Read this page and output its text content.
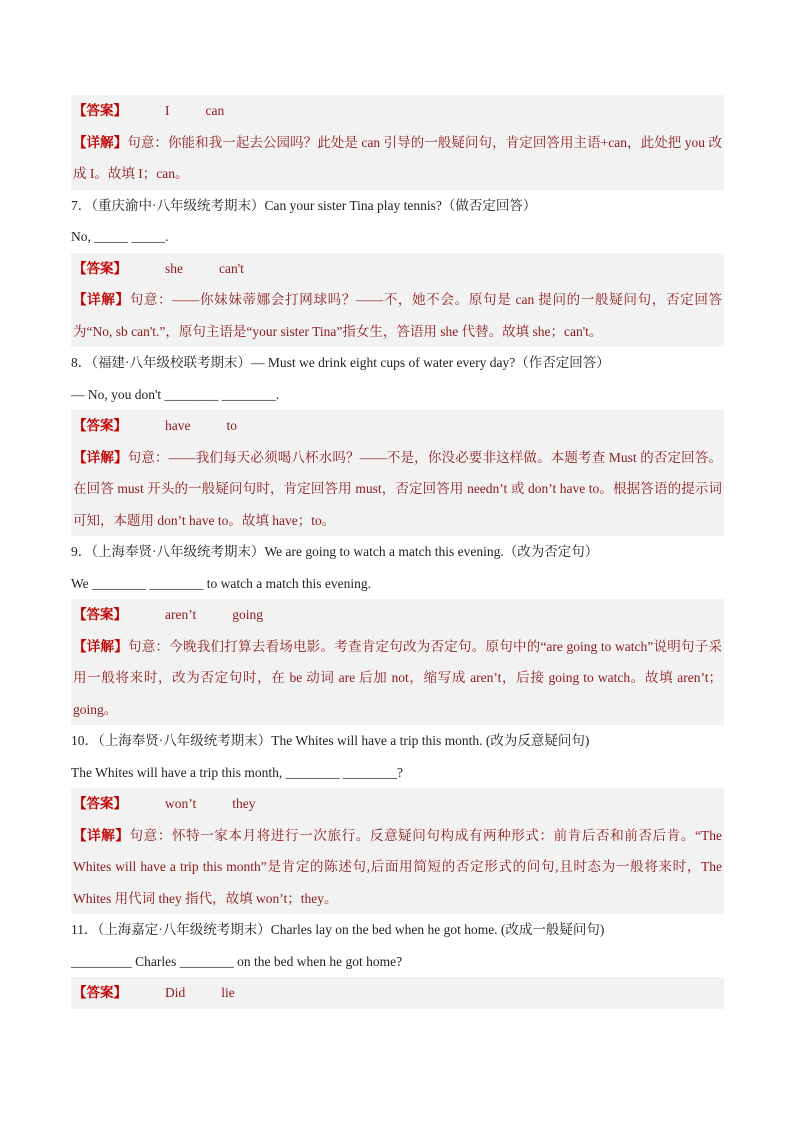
【答案】	I	can
【详解】句意：你能和我一起去公园吗？此处是 can 引导的一般疑问句，肯定回答用主语+can，此处把 you 改成 I。故填 I；can。
7．（重庆渝中·八年级统考期末）Can your sister Tina play tennis?（做否定回答）
No, _____ _____.
【答案】	she	can't
【详解】句意：——你妹妹蒂娜会打网球吗？——不，她不会。原句是 can 提问的一般疑问句，否定回答为“No, sb can't.”，原句主语是“your sister Tina”指女生，答语用 she 代替。故填 she；can't。
8．（福建·八年级校联考期末）— Must we drink eight cups of water every day?（作否定回答）
— No, you don't ________ ________.
【答案】	have	to
【详解】句意：——我们每天必须喝八杯水吗？——不是，你没必要非这样做。本题考查 Must 的否定回答。在回答 must 开头的一般疑问句时，肯定回答用 must，否定回答用 needn’t 或 don’t have to。根据答语的提示词可知，本题用 don’t have to。故填 have；to。
9．（上海奉贤·八年级统考期末）We are going to watch a match this evening.（改为否定句）
We ________ ________ to watch a match this evening.
【答案】	aren’t	going
【详解】句意：今晚我们打算去看场电影。考查肯定句改为否定句。原句中的“are going to watch”说明句子采用一般将来时，改为否定句时，在 be 动词 are 后加 not，缩写成 aren’t，后接 going to watch。故填 aren’t；going。
10．（上海奉贤·八年级统考期末）The Whites will have a trip this month. (改为反意疑问句)
The Whites will have a trip this month, ________ ________?
【答案】	won’t	they
【详解】句意：怀特一家本月将进行一次旅行。反意疑问句构成有两种形式：前肯后否和前否后肯。“The Whites will have a trip this month”是肯定的陈述句,后面用简短的否定形式的问句,且时态为一般将来时，The Whites 用代词 they 指代，故填 won’t；they。
11．（上海嘉定·八年级统考期末）Charles lay on the bed when he got home. (改成一般疑问句)
_________ Charles ________ on the bed when he got home?
【答案】	Did	lie
